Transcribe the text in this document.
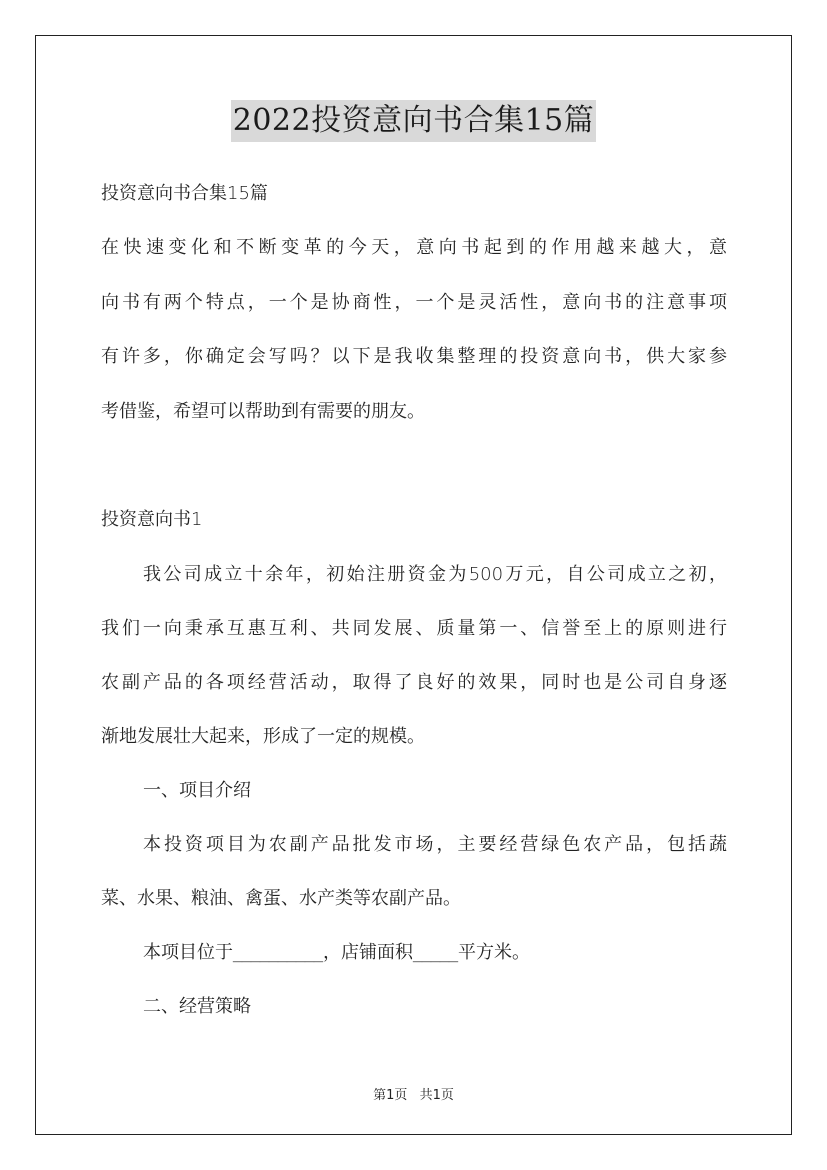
2022投资意向书合集15篇
投资意向书合集15篇
在快速变化和不断变革的今天，意向书起到的作用越来越大，意
向书有两个特点，一个是协商性，一个是灵活性，意向书的注意事项
有许多，你确定会写吗？以下是我收集整理的投资意向书，供大家参
考借鉴，希望可以帮助到有需要的朋友。
投资意向书1
我公司成立十余年，初始注册资金为500万元，自公司成立之初，
我们一向秉承互惠互利、共同发展、质量第一、信誉至上的原则进行
农副产品的各项经营活动，取得了良好的效果，同时也是公司自身逐
渐地发展壮大起来，形成了一定的规模。
一、项目介绍
本投资项目为农副产品批发市场，主要经营绿色农产品，包括蔬
菜、水果、粮油、禽蛋、水产类等农副产品。
本项目位于__________，店铺面积_____平方米。
二、经营策略
第1页 共1页
